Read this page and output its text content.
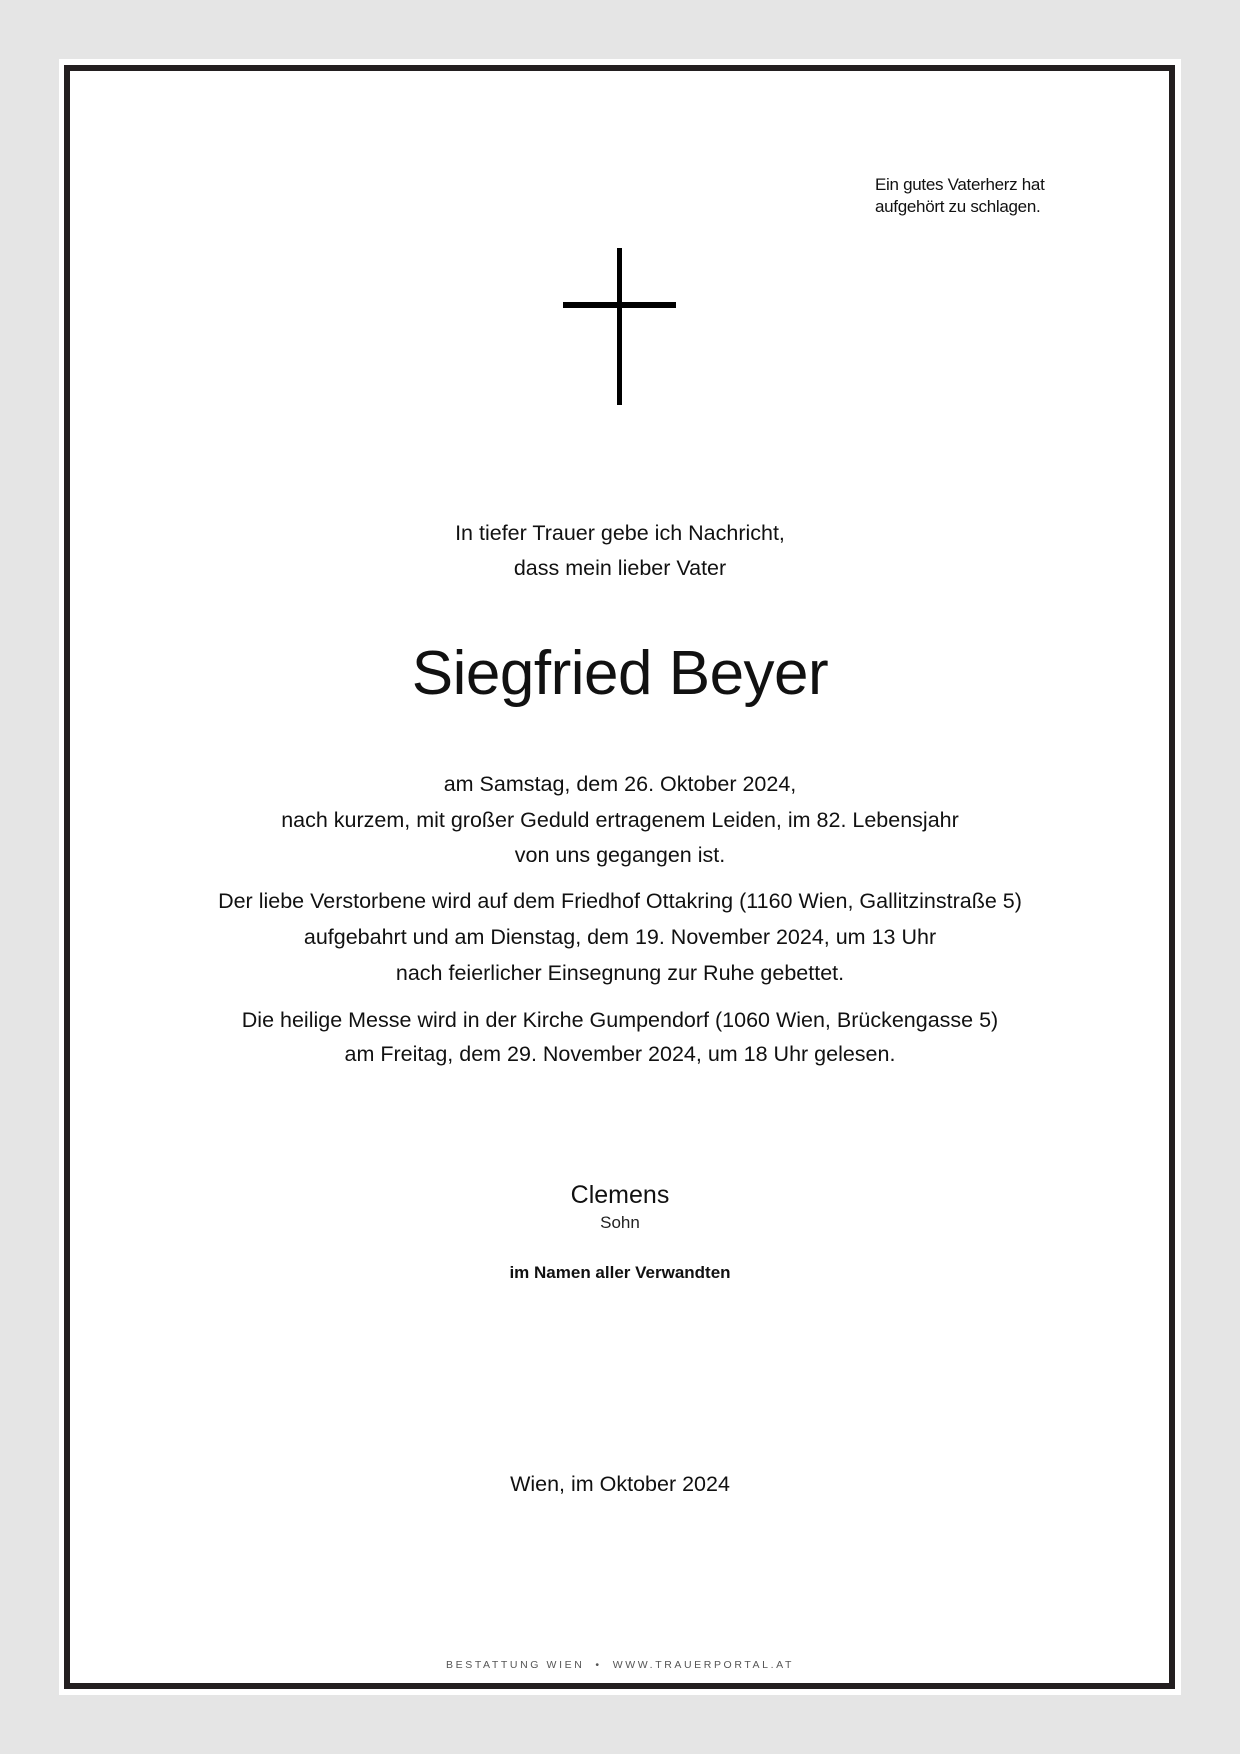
Ein gutes Vaterherz hat
aufgehört zu schlagen.
In tiefer Trauer gebe ich Nachricht,
dass mein lieber Vater
Siegfried Beyer
am Samstag, dem 26. Oktober 2024,
nach kurzem, mit großer Geduld ertragenem Leiden, im 82. Lebensjahr
von uns gegangen ist.
Der liebe Verstorbene wird auf dem Friedhof Ottakring (1160 Wien, Gallitzinstraße 5)
aufgebahrt und am Dienstag, dem 19. November 2024, um 13 Uhr
nach feierlicher Einsegnung zur Ruhe gebettet.
Die heilige Messe wird in der Kirche Gumpendorf (1060 Wien, Brückengasse 5)
am Freitag, dem 29. November 2024, um 18 Uhr gelesen.
Clemens
Sohn
im Namen aller Verwandten
Wien, im Oktober 2024
BESTATTUNG WIEN  •  WWW.TRAUERPORTAL.AT
